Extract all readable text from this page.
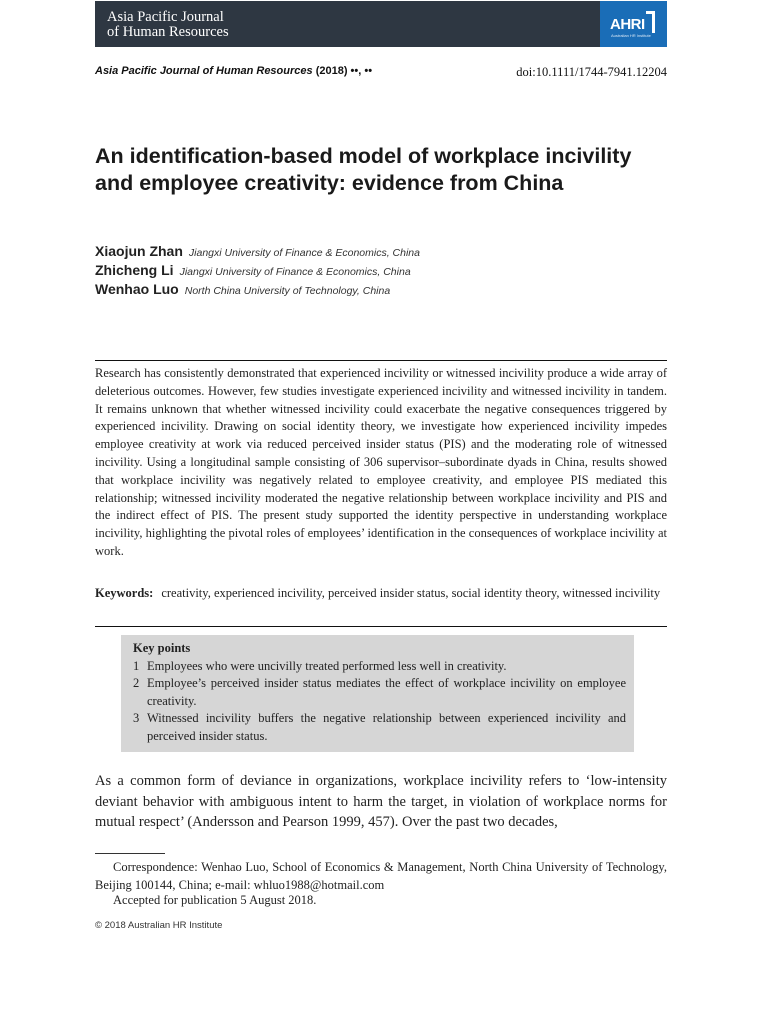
Asia Pacific Journal
of Human Resources	AHRI
Australian HR Institute
Asia Pacific Journal of Human Resources (2018) ••, ••	doi:10.1111/1744-7941.12204
An identification-based model of workplace incivility and employee creativity: evidence from China
Xiaojun Zhan Jiangxi University of Finance & Economics, China
Zhicheng Li Jiangxi University of Finance & Economics, China
Wenhao Luo North China University of Technology, China
Research has consistently demonstrated that experienced incivility or witnessed incivility produce a wide array of deleterious outcomes. However, few studies investigate experienced incivility and witnessed incivility in tandem. It remains unknown that whether witnessed incivility could exacerbate the negative consequences triggered by experienced incivility. Drawing on social identity theory, we investigate how experienced incivility impedes employee creativity at work via reduced perceived insider status (PIS) and the moderating role of witnessed incivility. Using a longitudinal sample consisting of 306 supervisor–subordinate dyads in China, results showed that workplace incivility was negatively related to employee creativity, and employee PIS mediated this relationship; witnessed incivility moderated the negative relationship between workplace incivility and PIS and the indirect effect of PIS. The present study supported the identity perspective in understanding workplace incivility, highlighting the pivotal roles of employees’ identification in the consequences of workplace incivility at work.
Keywords: creativity, experienced incivility, perceived insider status, social identity theory, witnessed incivility
Key points
1 Employees who were uncivilly treated performed less well in creativity.
2 Employee’s perceived insider status mediates the effect of workplace incivility on employee creativity.
3 Witnessed incivility buffers the negative relationship between experienced incivility and perceived insider status.
As a common form of deviance in organizations, workplace incivility refers to ‘low-intensity deviant behavior with ambiguous intent to harm the target, in violation of workplace norms for mutual respect’ (Andersson and Pearson 1999, 457). Over the past two decades,
Correspondence: Wenhao Luo, School of Economics & Management, North China University of Technology, Beijing 100144, China; e-mail: whluo1988@hotmail.com
Accepted for publication 5 August 2018.
© 2018 Australian HR Institute
